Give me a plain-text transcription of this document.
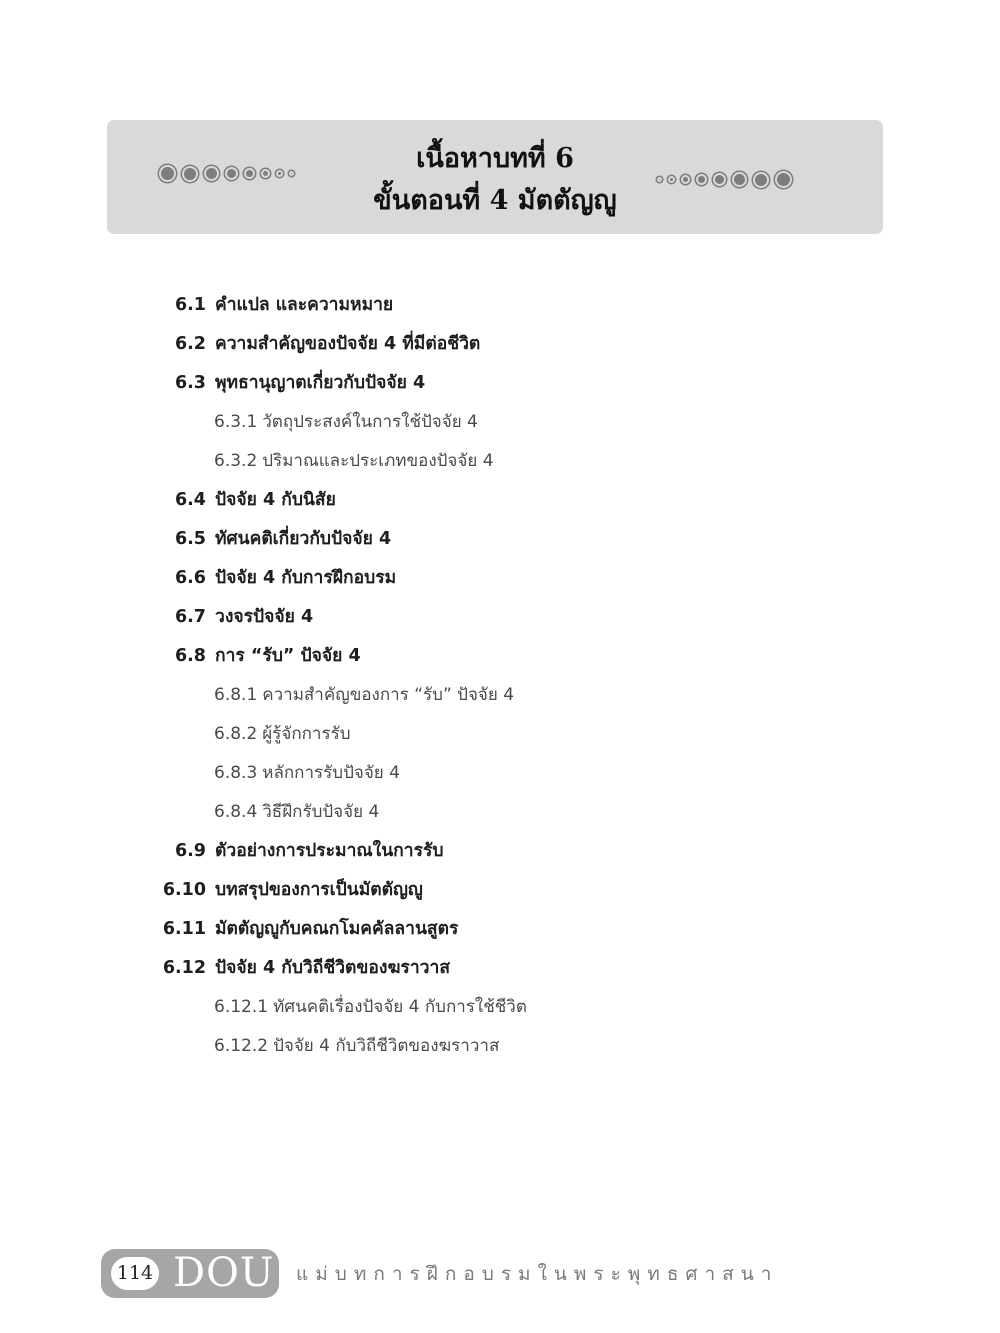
เนื้อหาบทที่ 6
ขั้นตอนที่ 4 มัตตัญญู
6.1 คำแปล และความหมาย
6.2 ความสำคัญของปัจจัย 4 ที่มีต่อชีวิต
6.3 พุทธานุญาตเกี่ยวกับปัจจัย 4
6.3.1 วัตถุประสงค์ในการใช้ปัจจัย 4
6.3.2 ปริมาณและประเภทของปัจจัย 4
6.4 ปัจจัย 4 กับนิสัย
6.5 ทัศนคติเกี่ยวกับปัจจัย 4
6.6 ปัจจัย 4 กับการฝึกอบรม
6.7 วงจรปัจจัย 4
6.8 การ “รับ” ปัจจัย 4
6.8.1 ความสำคัญของการ “รับ” ปัจจัย 4
6.8.2 ผู้รู้จักการรับ
6.8.3 หลักการรับปัจจัย 4
6.8.4 วิธีฝึกรับปัจจัย 4
6.9 ตัวอย่างการประมาณในการรับ
6.10 บทสรุปของการเป็นมัตตัญญู
6.11 มัตตัญญูกับคณกโมคคัลลานสูตร
6.12 ปัจจัย 4 กับวิถีชีวิตของฆราวาส
6.12.1 ทัศนคติเรื่องปัจจัย 4 กับการใช้ชีวิต
6.12.2 ปัจจัย 4 กับวิถีชีวิตของฆราวาส
114 DOU แม่บทการฝึกอบรมในพระพุทธศาสนา
